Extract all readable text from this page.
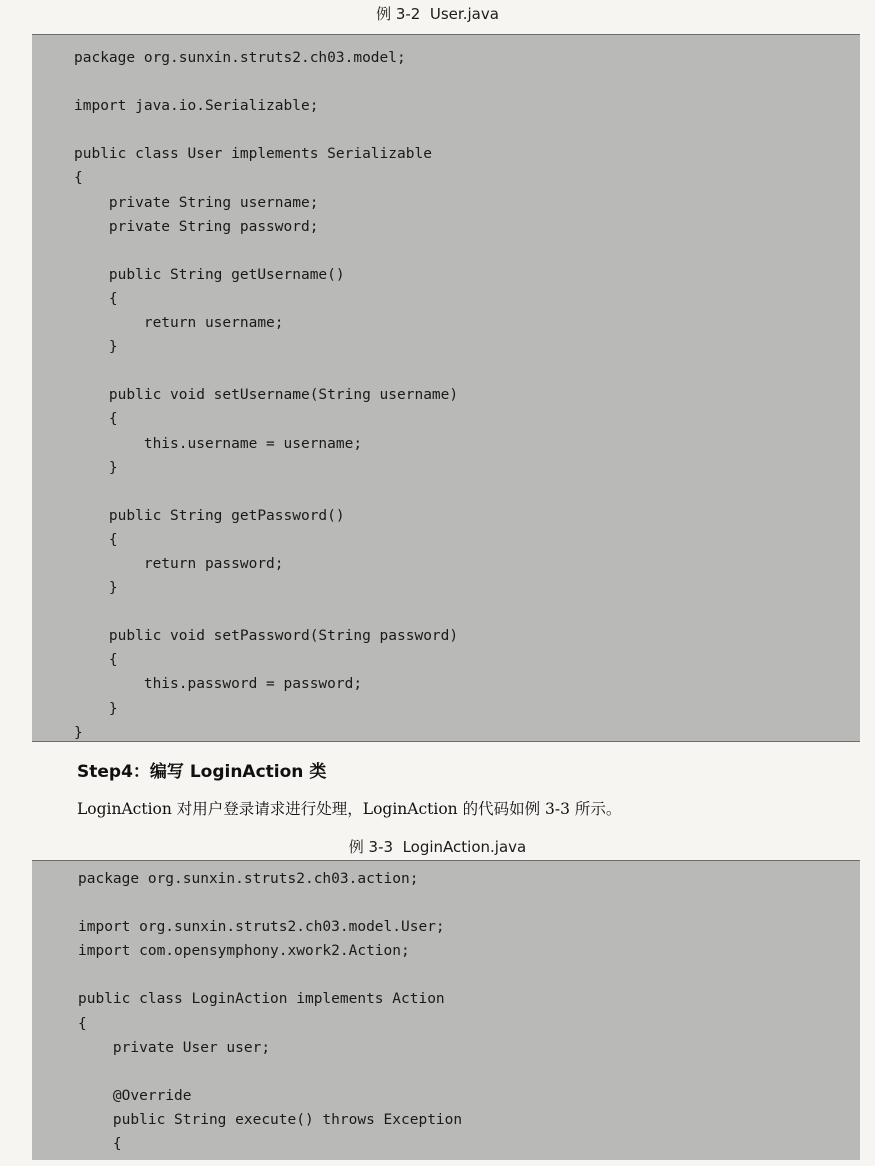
例 3-2  User.java
package org.sunxin.struts2.ch03.model;
import java.io.Serializable;
public class User implements Serializable
{
private String username;
private String password;
public String getUsername()
{
return username;
}
public void setUsername(String username)
{
this.username = username;
}
public String getPassword()
{
return password;
}
public void setPassword(String password)
{
this.password = password;
}
}
Step4：编写 LoginAction 类
LoginAction 对用户登录请求进行处理，LoginAction 的代码如例 3-3 所示。
例 3-3  LoginAction.java
package org.sunxin.struts2.ch03.action;
import org.sunxin.struts2.ch03.model.User;
import com.opensymphony.xwork2.Action;
public class LoginAction implements Action
{
private User user;
@Override
public String execute() throws Exception
{
